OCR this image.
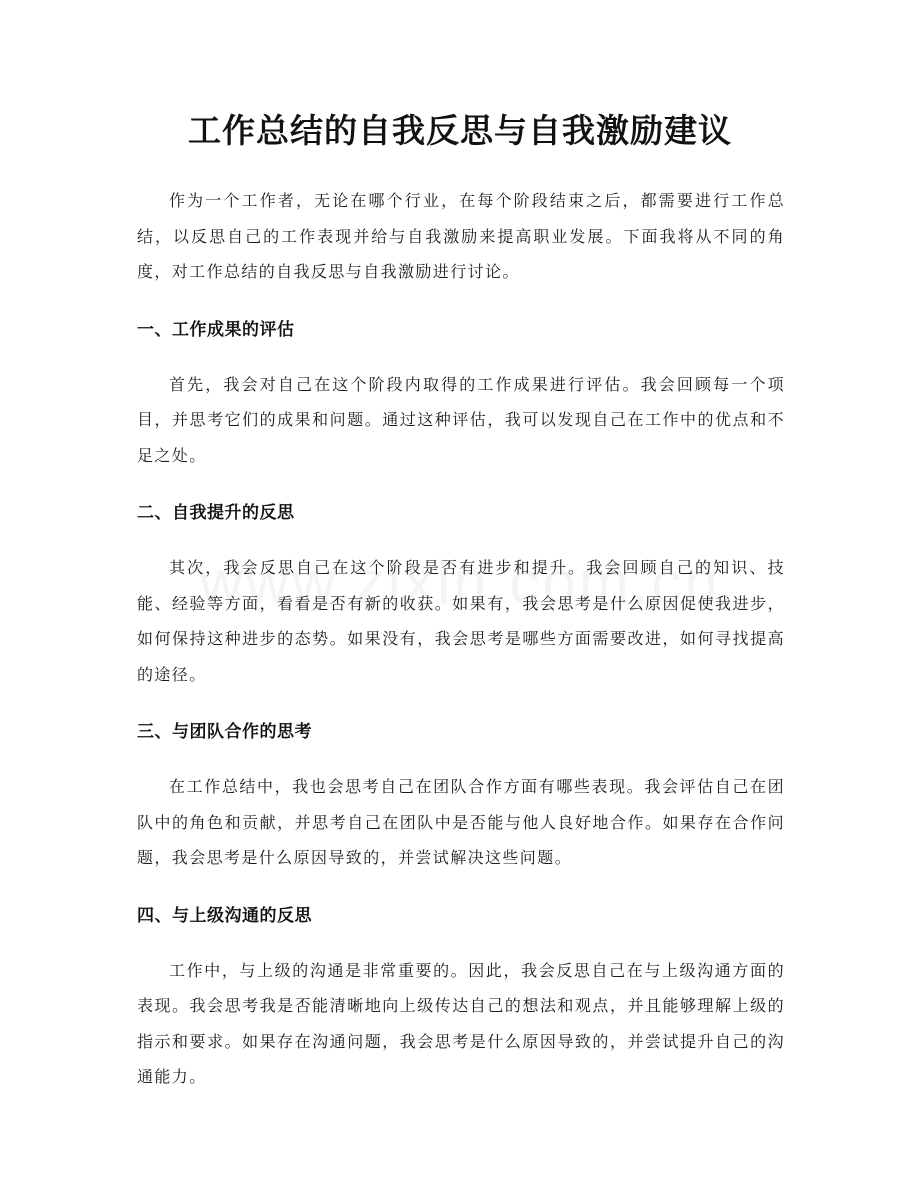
工作总结的自我反思与自我激励建议

作为一个工作者，无论在哪个行业，在每个阶段结束之后，都需要进行工作总结，以反思自己的工作表现并给与自我激励来提高职业发展。下面我将从不同的角度，对工作总结的自我反思与自我激励进行讨论。

一、工作成果的评估

首先，我会对自己在这个阶段内取得的工作成果进行评估。我会回顾每一个项目，并思考它们的成果和问题。通过这种评估，我可以发现自己在工作中的优点和不足之处。

二、自我提升的反思

其次，我会反思自己在这个阶段是否有进步和提升。我会回顾自己的知识、技能、经验等方面，看看是否有新的收获。如果有，我会思考是什么原因促使我进步，如何保持这种进步的态势。如果没有，我会思考是哪些方面需要改进，如何寻找提高的途径。

三、与团队合作的思考

在工作总结中，我也会思考自己在团队合作方面有哪些表现。我会评估自己在团队中的角色和贡献，并思考自己在团队中是否能与他人良好地合作。如果存在合作问题，我会思考是什么原因导致的，并尝试解决这些问题。

四、与上级沟通的反思

工作中，与上级的沟通是非常重要的。因此，我会反思自己在与上级沟通方面的表现。我会思考我是否能清晰地向上级传达自己的想法和观点，并且能够理解上级的指示和要求。如果存在沟通问题，我会思考是什么原因导致的，并尝试提升自己的沟通能力。
